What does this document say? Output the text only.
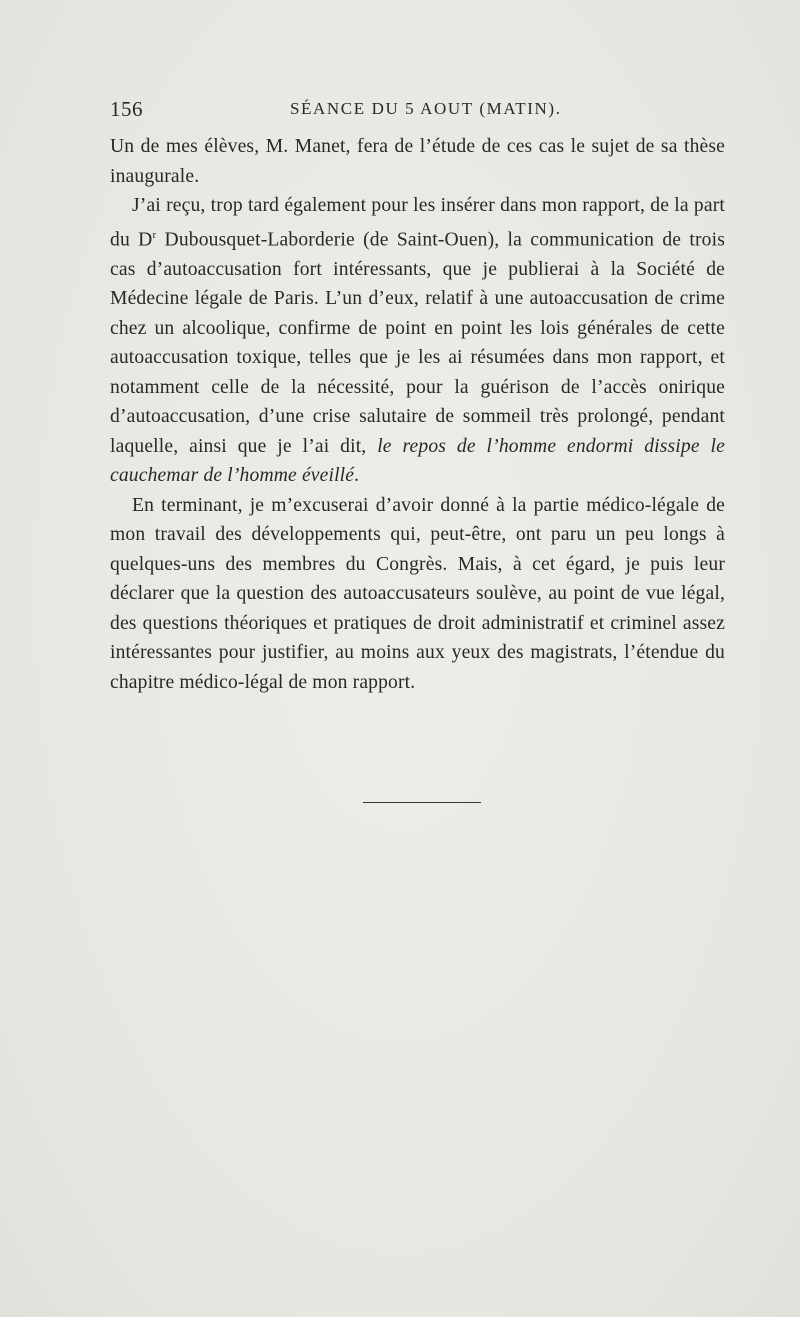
156	SÉANCE DU 5 AOUT (MATIN).

Un de mes élèves, M. Manet, fera de l’étude de ces cas le sujet de sa thèse inaugurale.

J’ai reçu, trop tard également pour les insérer dans mon rapport, de la part du $D^r$ Dubousquet-Laborderie (de Saint-Ouen), la communication de trois cas d’autoaccusation fort intéressants, que je publierai à la Société de Médecine légale de Paris. L’un d’eux, relatif à une autoaccusation de crime chez un alcoolique, confirme de point en point les lois générales de cette autoaccusation toxique, telles que je les ai résumées dans mon rapport, et notamment celle de la nécessité, pour la guérison de l’accès onirique d’autoaccusation, d’une crise salutaire de sommeil très prolongé, pendant laquelle, ainsi que je l’ai dit, le repos de l’homme endormi dissipe le cauchemar de l’homme éveillé.

En terminant, je m’excuserai d’avoir donné à la partie médico-légale de mon travail des développements qui, peut-être, ont paru un peu longs à quelques-uns des membres du Congrès. Mais, à cet égard, je puis leur déclarer que la question des autoaccusateurs soulève, au point de vue légal, des questions théoriques et pratiques de droit administratif et criminel assez intéressantes pour justifier, au moins aux yeux des magistrats, l’étendue du chapitre médico-légal de mon rapport.
